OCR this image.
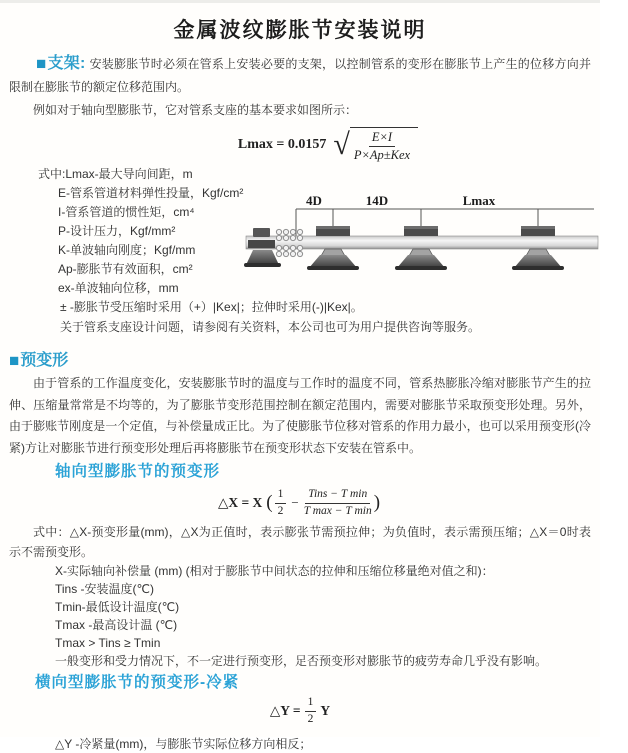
金属波纹膨胀节安装说明

■支架: 安装膨胀节时必须在管系上安装必要的支架，以控制管系的变形在膨胀节上产生的位移方向并限制在膨胀节的额定位移范围内。

例如对于轴向型膨胀节，它对管系支座的基本要求如图所示：

Lmax = 0.0157 √ $\frac{E\times I}{\text{P×Ap±Kex}}$
式中:Lmax-最大导向间距，m
E-管系管道材料弹性投量，Kgf/cm²
I-管系管道的惯性矩，cm⁴
P-设计压力，Kgf/mm²
K-单波轴向刚度；Kgf/mm
Ap-膨胀节有效面积，cm²
ex-单波轴向位移，mm
± -膨胀节受压缩时采用（+）|Kex|；拉伸时采用(-)|Kex|。
关于管系支座设计问题，请参阅有关资料，本公司也可为用户提供咨询等服务。
4D	14D	Lmax
■预变形

由于管系的工作温度变化，安装膨胀节时的温度与工作时的温度不同，管系热膨胀冷缩对膨胀节产生的拉伸、压缩量常常是不均等的，为了膨胀节变形范围控制在额定范围内，需要对膨胀节采取预变形处理。另外，由于膨账节刚度是一个定值，与补偿量成正比。为了使膨胀节位移对管系的作用力最小，也可以采用预变形(冷紧)方让对膨胀节进行预变形处理后再将膨胀节在预变形状态下安装在管系中。

轴向型膨胀节的预变形
△X = X ( $\frac{1}{2} - \frac{\text{Tins − T min}}{\text{T max − T min}}$ )

式中：△X-预变形量(mm)，△X为正值时，表示膨张节需预拉伸；为负值时，表示需预压缩；△X＝0时表示不需预变形。

X-实际轴向补偿量 (mm) (相对于膨胀节中间状态的拉伸和压缩位移量绝对值之和)：
Tins -安装温度(℃)
Tmin-最低设计温度(℃)
Tmax -最高设计温 (℃)
Tmax > Tins ≥ Tmin
一般变形和受力情况下，不一定进行预变形，足否预变形对膨胀节的疲劳寿命几乎没有影响。
横向型膨胀节的预变形-冷紧
△Y = $\frac{1}{2}$ Y
△Y -冷紧量(mm)，与膨胀节实际位移方向相反；
